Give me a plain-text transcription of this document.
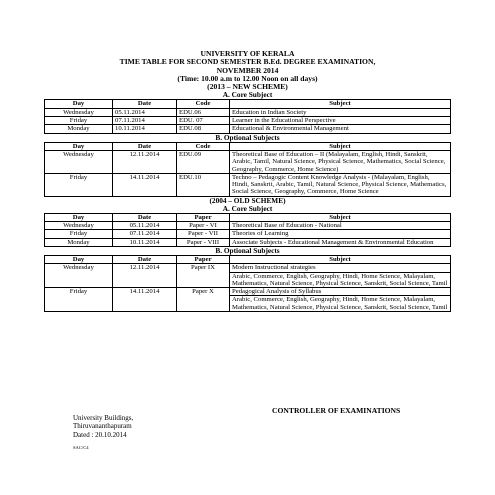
UNIVERSITY OF KERALA
TIME TABLE FOR SECOND SEMESTER B.Ed. DEGREE EXAMINATION,
NOVEMBER 2014
(Time: 10.00 a.m to 12.00 Noon on all days)
(2013 – NEW SCHEME)
A. Core Subject
Day	Date	Code	Subject
Wednesday	05.11.2014	EDU.06	Education in Indian Society
Friday	07.11.2014	EDU. 07	Learner in the Educational Perspective
Monday	10.11.2014	EDU.08	Educational & Environmental Management
B. Optional Subjects
Day	Date	Code	Subject
Wednesday	12.11.2014	EDU.09	Theoretical Base of Education – II (Malayalam, English, Hindi, Sanskrit, Arabic, Tamil, Natural Science, Physical Science, Mathematics, Social Science, Geography, Commerce, Home Science)
Friday	14.11.2014	EDU.10	Techno – Pedagogic Content Knowledge Analysis - (Malayalam, English, Hindi, Sanskrit, Arabic, Tamil, Natural Science, Physical Science, Mathematics, Social Science, Geography, Commerce, Home Science
(2004 – OLD SCHEME)
A. Core Subject
Day	Date	Paper	Subject
Wednesday	05.11.2014	Paper - VI	Theoretical Base of Education - National
Friday	07.11.2014	Paper - VII	Theories of Learning
Monday	10.11.2014	Paper - VIII	Associate Subjects - Educational Management & Environmental Education
B. Optional Subjects
Day	Date	Paper	Subject
Wednesday	12.11.2014	Paper IX	Modern Instructional strategies
			Arabic, Commerce, English, Geography, Hindi, Home Science, Malayalam, Mathematics, Natural Science, Physical Science, Sanskrit, Social Science, Tamil
Friday	14.11.2014	Paper X	Pedagogical Analysis of Syllabus
			Arabic, Commerce, English, Geography, Hindi, Home Science, Malayalam, Mathematics, Natural Science, Physical Science, Sanskrit, Social Science, Tamil
CONTROLLER OF EXAMINATIONS
University Buildings,
Thiruvananthapuram
Dated : 20.10.2014
SAC/C4
